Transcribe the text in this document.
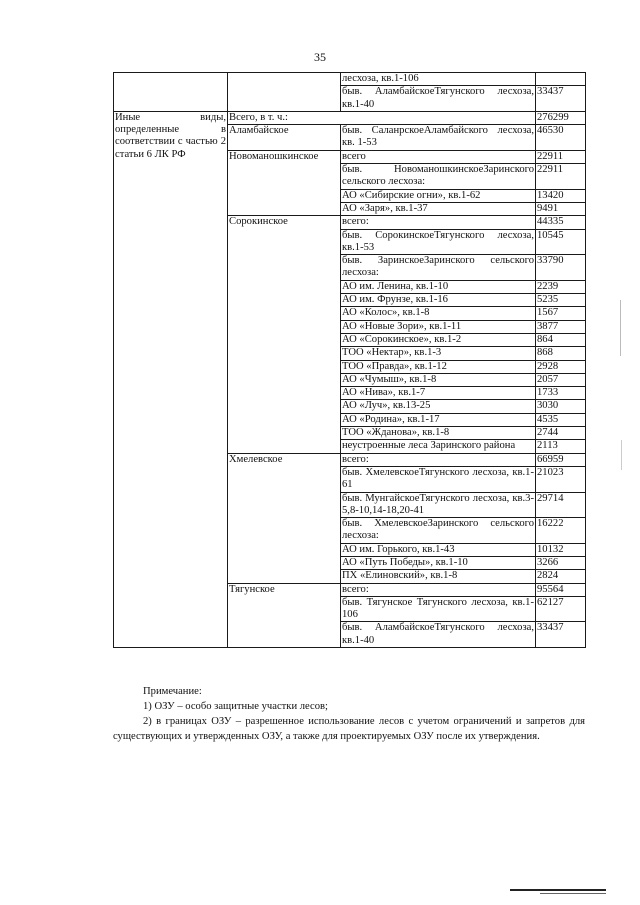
35
		лесхоза, кв.1-106	
		быв. АламбайскоеТягунского лесхоза, кв.1-40	33437
Иные виды, определенные в соответствии с частью 2 статьи 6 ЛК РФ	Всего, в т. ч.:		276299
	Аламбайское	быв. СаланрскоеАламбайского лесхоза, кв. 1-53	46530
	Новоманошкинское	всего	22911
		быв. НовоманошкинскоеЗаринского сельского лесхоза:	22911
		АО «Сибирские огни», кв.1-62	13420
		АО «Заря», кв.1-37	9491
	Сорокинское	всего:	44335
		быв. СорокинскоеТягунского лесхоза, кв.1-53	10545
		быв. ЗаринскоеЗаринского сельского лесхоза:	33790
		АО им. Ленина, кв.1-10	2239
		АО им. Фрунзе, кв.1-16	5235
		АО «Колос», кв.1-8	1567
		АО «Новые Зори», кв.1-11	3877
		АО «Сорокинское», кв.1-2	864
		ТОО «Нектар», кв.1-3	868
		ТОО «Правда», кв.1-12	2928
		АО «Чумыш», кв.1-8	2057
		АО «Нива», кв.1-7	1733
		АО «Луч», кв.13-25	3030
		АО «Родина», кв.1-17	4535
		ТОО «Жданова», кв.1-8	2744
		неустроенные леса Заринского района	2113
	Хмелевское	всего:	66959
		быв. ХмелевскоеТягунского лесхоза, кв.1-61	21023
		быв. МунгайскоеТягунского лесхоза, кв.3-5,8-10,14-18,20-41	29714
		быв. ХмелевскоеЗаринского сельского лесхоза:	16222
		АО им. Горького, кв.1-43	10132
		АО «Путь Победы», кв.1-10	3266
		ПХ «Елиновский», кв.1-8	2824
	Тягунское	всего:	95564
		быв. Тягунское Тягунского лесхоза, кв.1-106	62127
		быв. АламбайскоеТягунского лесхоза, кв.1-40	33437

Примечание:

1) ОЗУ – особо защитные участки лесов;

2) в границах ОЗУ – разрешенное использование лесов с учетом ограничений и запретов для существующих и утвержденных ОЗУ, а также для проектируемых ОЗУ после их утверждения.
